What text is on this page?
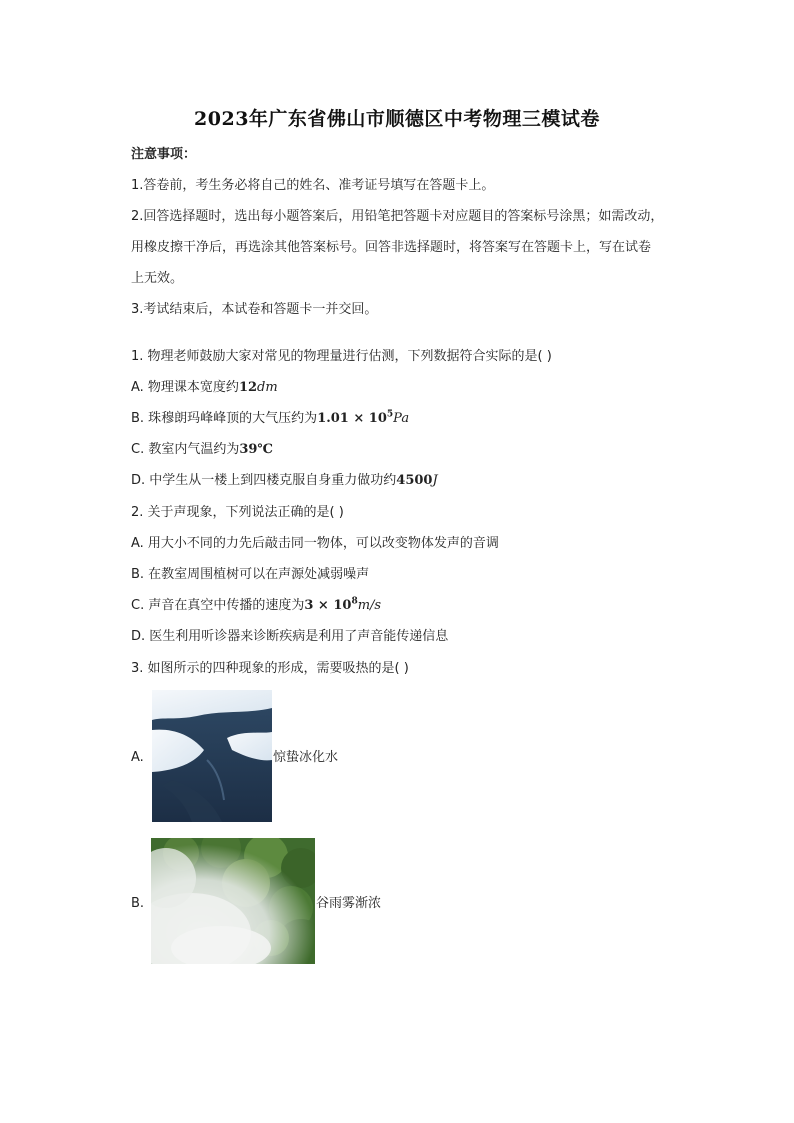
2023年广东省佛山市顺德区中考物理三模试卷
注意事项：
1.答卷前，考生务必将自己的姓名、准考证号填写在答题卡上。
2.回答选择题时，选出每小题答案后，用铅笔把答题卡对应题目的答案标号涂黑；如需改动，
用橡皮擦干净后，再选涂其他答案标号。回答非选择题时，将答案写在答题卡上，写在试卷
上无效。
3.考试结束后，本试卷和答题卡一并交回。
1. 物理老师鼓励大家对常见的物理量进行估测，下列数据符合实际的是( )
A. 物理课本宽度约12dm
B. 珠穆朗玛峰峰顶的大气压约为$1.01 \times 10^5Pa$
C. 教室内气温约为39℃
D. 中学生从一楼上到四楼克服自身重力做功约4500J
2. 关于声现象，下列说法正确的是( )
A. 用大小不同的力先后敲击同一物体，可以改变物体发声的音调
B. 在教室周围植树可以在声源处减弱噪声
C. 声音在真空中传播的速度为$3 \times 10^8m/s$
D. 医生利用听诊器来诊断疾病是利用了声音能传递信息
3. 如图所示的四种现象的形成，需要吸热的是( )
A.	惊蛰冰化水
B.	谷雨雾渐浓
